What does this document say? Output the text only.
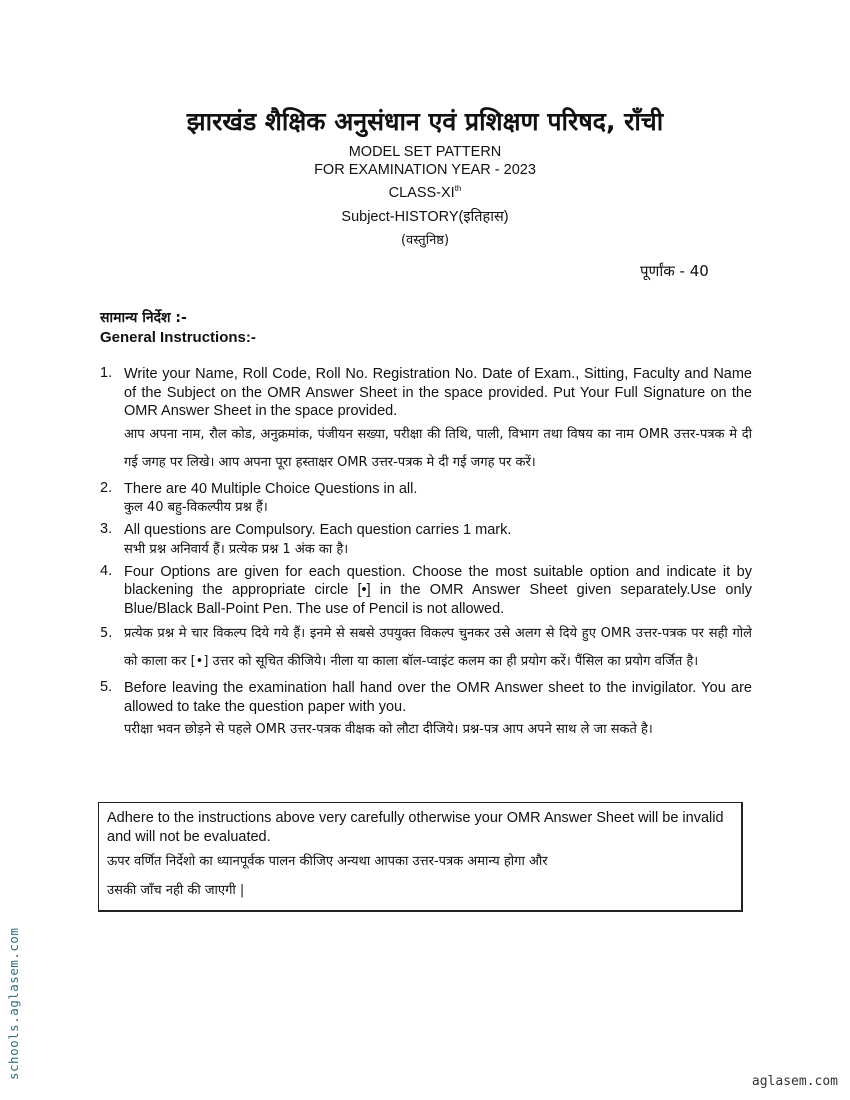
झारखंड शैक्षिक अनुसंधान एवं प्रशिक्षण परिषद, राँची
MODEL SET PATTERN
FOR EXAMINATION YEAR - 2023
CLASS-XIth
Subject-HISTORY(इतिहास)
(वस्तुनिष्ठ)
पूर्णांक - 40
सामान्य निर्देश :-
General Instructions:-
1. Write your Name, Roll Code, Roll No. Registration No. Date of Exam., Sitting, Faculty and Name of the Subject on the OMR Answer Sheet in the space provided. Put Your Full Signature on the OMR Answer Sheet in the space provided.

आप अपना नाम, रौल कोड, अनुक्रमांक, पंजीयन सख्या, परीक्षा की तिथि, पाली, विभाग तथा विषय का नाम OMR उत्तर-पत्रक मे दी गई जगह पर लिखे। आप अपना पूरा हस्ताक्षर OMR उत्तर-पत्रक मे दी गई जगह पर करें।

2. There are 40 Multiple Choice Questions in all.

कुल 40 बहु-विकल्पीय प्रश्न हैं।

3. All questions are Compulsory. Each question carries 1 mark.

सभी प्रश्न अनिवार्य हैं। प्रत्येक प्रश्न 1 अंक का है।

4. Four Options are given for each question. Choose the most suitable option and indicate it by blackening the appropriate circle [•] in the OMR Answer Sheet given separately.Use only Blue/Black Ball-Point Pen. The use of Pencil is not allowed.

5. प्रत्येक प्रश्न मे चार विकल्प दिये गये हैं। इनमे से सबसे उपयुक्त विकल्प चुनकर उसे अलग से दिये हुए OMR उत्तर-पत्रक पर सही गोले को काला कर [•] उत्तर को सूचित कीजिये। नीला या काला बॉल-प्वाइंट कलम का ही प्रयोग करें। पैंसिल का प्रयोग वर्जित है।

5. Before leaving the examination hall hand over the OMR Answer sheet to the invigilator. You are allowed to take the question paper with you.

परीक्षा भवन छोड़ने से पहले OMR उत्तर-पत्रक वीक्षक को लौटा दीजिये। प्रश्न-पत्र आप अपने साथ ले जा सकते है।

Adhere to the instructions above very carefully otherwise your OMR Answer Sheet will be invalid and will not be evaluated.

ऊपर वर्णित निर्देशो का ध्यानपूर्वक पालन कीजिए अन्यथा आपका उत्तर-पत्रक अमान्य होगा और

उसकी जाँच नही की जाएगी |

schools.aglasem.com
aglasem.com
